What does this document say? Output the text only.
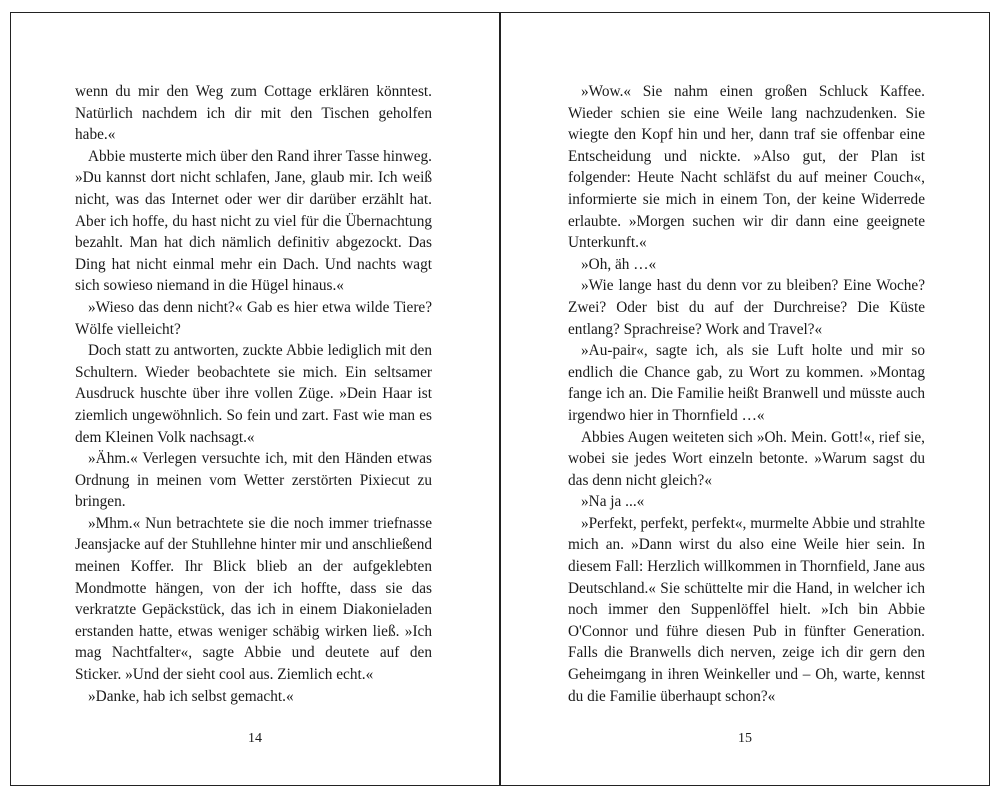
wenn du mir den Weg zum Cottage erklären könntest. Natürlich nachdem ich dir mit den Tischen geholfen habe.«

Abbie musterte mich über den Rand ihrer Tasse hinweg. »Du kannst dort nicht schlafen, Jane, glaub mir. Ich weiß nicht, was das Internet oder wer dir darüber erzählt hat. Aber ich hoffe, du hast nicht zu viel für die Übernachtung bezahlt. Man hat dich nämlich definitiv abgezockt. Das Ding hat nicht einmal mehr ein Dach. Und nachts wagt sich sowieso niemand in die Hügel hinaus.«

»Wieso das denn nicht?« Gab es hier etwa wilde Tiere? Wölfe vielleicht?

Doch statt zu antworten, zuckte Abbie lediglich mit den Schultern. Wieder beobachtete sie mich. Ein seltsamer Ausdruck huschte über ihre vollen Züge. »Dein Haar ist ziemlich ungewöhnlich. So fein und zart. Fast wie man es dem Kleinen Volk nachsagt.«

»Ähm.« Verlegen versuchte ich, mit den Händen etwas Ordnung in meinen vom Wetter zerstörten Pixiecut zu bringen.

»Mhm.« Nun betrachtete sie die noch immer triefnasse Jeansjacke auf der Stuhllehne hinter mir und anschließend meinen Koffer. Ihr Blick blieb an der aufgeklebten Mondmotte hängen, von der ich hoffte, dass sie das verkratzte Gepäckstück, das ich in einem Diakonieladen erstanden hatte, etwas weniger schäbig wirken ließ. »Ich mag Nachtfalter«, sagte Abbie und deutete auf den Sticker. »Und der sieht cool aus. Ziemlich echt.«

»Danke, hab ich selbst gemacht.«

14

»Wow.« Sie nahm einen großen Schluck Kaffee. Wieder schien sie eine Weile lang nachzudenken. Sie wiegte den Kopf hin und her, dann traf sie offenbar eine Entscheidung und nickte. »Also gut, der Plan ist folgender: Heute Nacht schläfst du auf meiner Couch«, informierte sie mich in einem Ton, der keine Widerrede erlaubte. »Morgen suchen wir dir dann eine geeignete Unterkunft.«

»Oh, äh …«

»Wie lange hast du denn vor zu bleiben? Eine Woche? Zwei? Oder bist du auf der Durchreise? Die Küste entlang? Sprachreise? Work and Travel?«

»Au-pair«, sagte ich, als sie Luft holte und mir so endlich die Chance gab, zu Wort zu kommen. »Montag fange ich an. Die Familie heißt Branwell und müsste auch irgendwo hier in Thornfield …«

Abbies Augen weiteten sich »Oh. Mein. Gott!«, rief sie, wobei sie jedes Wort einzeln betonte. »Warum sagst du das denn nicht gleich?«

»Na ja ...«

»Perfekt, perfekt, perfekt«, murmelte Abbie und strahlte mich an. »Dann wirst du also eine Weile hier sein. In diesem Fall: Herzlich willkommen in Thornfield, Jane aus Deutschland.« Sie schüttelte mir die Hand, in welcher ich noch immer den Suppenlöffel hielt. »Ich bin Abbie O'Connor und führe diesen Pub in fünfter Generation. Falls die Branwells dich nerven, zeige ich dir gern den Geheimgang in ihren Weinkeller und – Oh, warte, kennst du die Familie überhaupt schon?«

15
